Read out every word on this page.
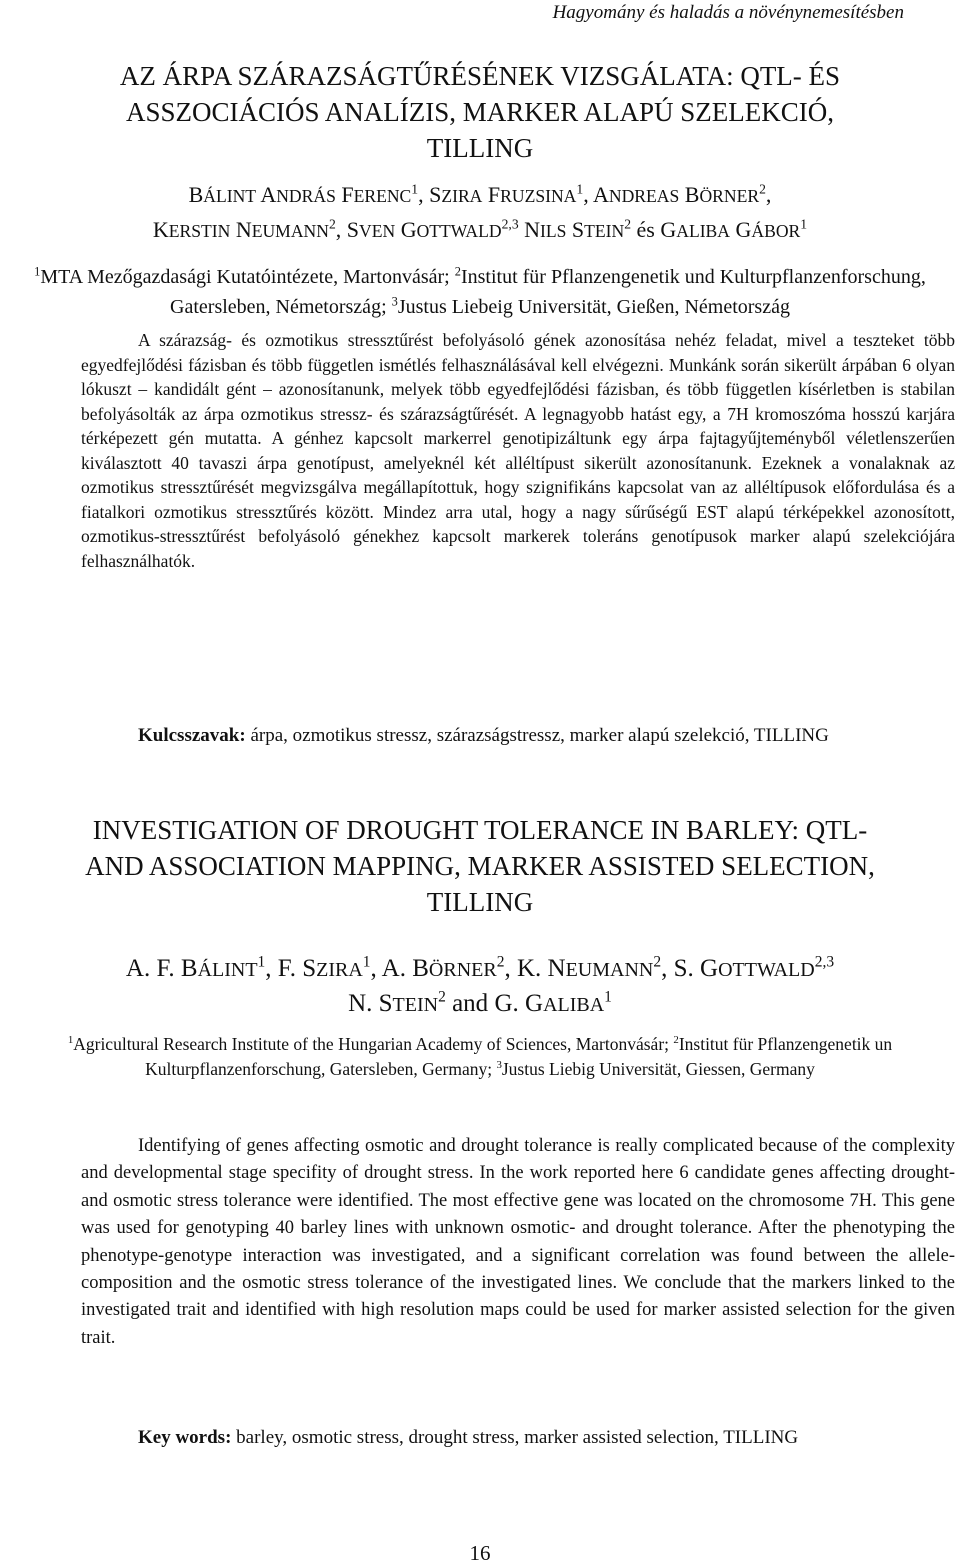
Hagyomány és haladás a növénynemesítésben
AZ ÁRPA SZÁRAZSÁGTŰRÉSÉNEK VIZSGÁLATA: QTL- ÉS
ASSZOCIÁCIÓS ANALÍZIS, MARKER ALAPÚ SZELEKCIÓ,
TILLING
BÁLINT ANDRÁS FERENC$^1$, SZIRA FRUZSINA$^1$, ANDREAS BÖRNER$^2$,
KERSTIN NEUMANN$^2$, SVEN GOTTWALD$^{2,3}$ NILS STEIN$^2$ és GALIBA GÁBOR$^1$
$^1$MTA Mezőgazdasági Kutatóintézete, Martonvásár; $^2$Institut für Pflanzengenetik und Kulturpflanzenforschung, Gatersleben, Németország; $^3$Justus Liebeig Universität, Gießen, Németország

A szárazság- és ozmotikus stressztűrést befolyásoló gének azonosítása nehéz feladat, mivel a teszteket több egyedfejlődési fázisban és több független ismétlés felhasználásával kell elvégezni. Munkánk során sikerült árpában 6 olyan lókuszt – kandidált gént – azonosítanunk, melyek több egyedfejlődési fázisban, és több független kísérletben is stabilan befolyásolták az árpa ozmotikus stressz- és szárazságtűrését. A legnagyobb hatást egy, a 7H kromoszóma hosszú karjára térképezett gén mutatta. A génhez kapcsolt markerrel genotipizáltunk egy árpa fajtagyűjteményből véletlenszerűen kiválasztott 40 tavaszi árpa genotípust, amelyeknél két alléltípust sikerült azonosítanunk. Ezeknek a vonalaknak az ozmotikus stressztűrését megvizsgálva megállapítottuk, hogy szignifikáns kapcsolat van az alléltípusok előfordulása és a fiatalkori ozmotikus stressztűrés között. Mindez arra utal, hogy a nagy sűrűségű EST alapú térképekkel azonosított, ozmotikus-stressztűrést befolyásoló génekhez kapcsolt markerek toleráns genotípusok marker alapú szelekciójára felhasználhatók.

Kulcsszavak: árpa, ozmotikus stressz, szárazságstressz, marker alapú szelekció, TILLING

INVESTIGATION OF DROUGHT TOLERANCE IN BARLEY: QTL-
AND ASSOCIATION MAPPING, MARKER ASSISTED SELECTION,
TILLING
A. F. BÁLINT$^1$, F. SZIRA$^1$, A. BÖRNER$^2$, K. NEUMANN$^2$, S. GOTTWALD$^{2,3}$
N. STEIN$^2$ and G. GALIBA$^1$
$^1$Agricultural Research Institute of the Hungarian Academy of Sciences, Martonvásár; $^2$Institut für Pflanzengenetik un Kulturpflanzenforschung, Gatersleben, Germany; $^3$Justus Liebig Universität, Giessen, Germany

Identifying of genes affecting osmotic and drought tolerance is really complicated because of the complexity and developmental stage specifity of drought stress. In the work reported here 6 candidate genes affecting drought- and osmotic stress tolerance were identified. The most effective gene was located on the chromosome 7H. This gene was used for genotyping 40 barley lines with unknown osmotic- and drought tolerance. After the phenotyping the phenotype-genotype interaction was investigated, and a significant correlation was found between the allele-composition and the osmotic stress tolerance of the investigated lines. We conclude that the markers linked to the investigated trait and identified with high resolution maps could be used for marker assisted selection for the given trait.

Key words: barley, osmotic stress, drought stress, marker assisted selection, TILLING

16
